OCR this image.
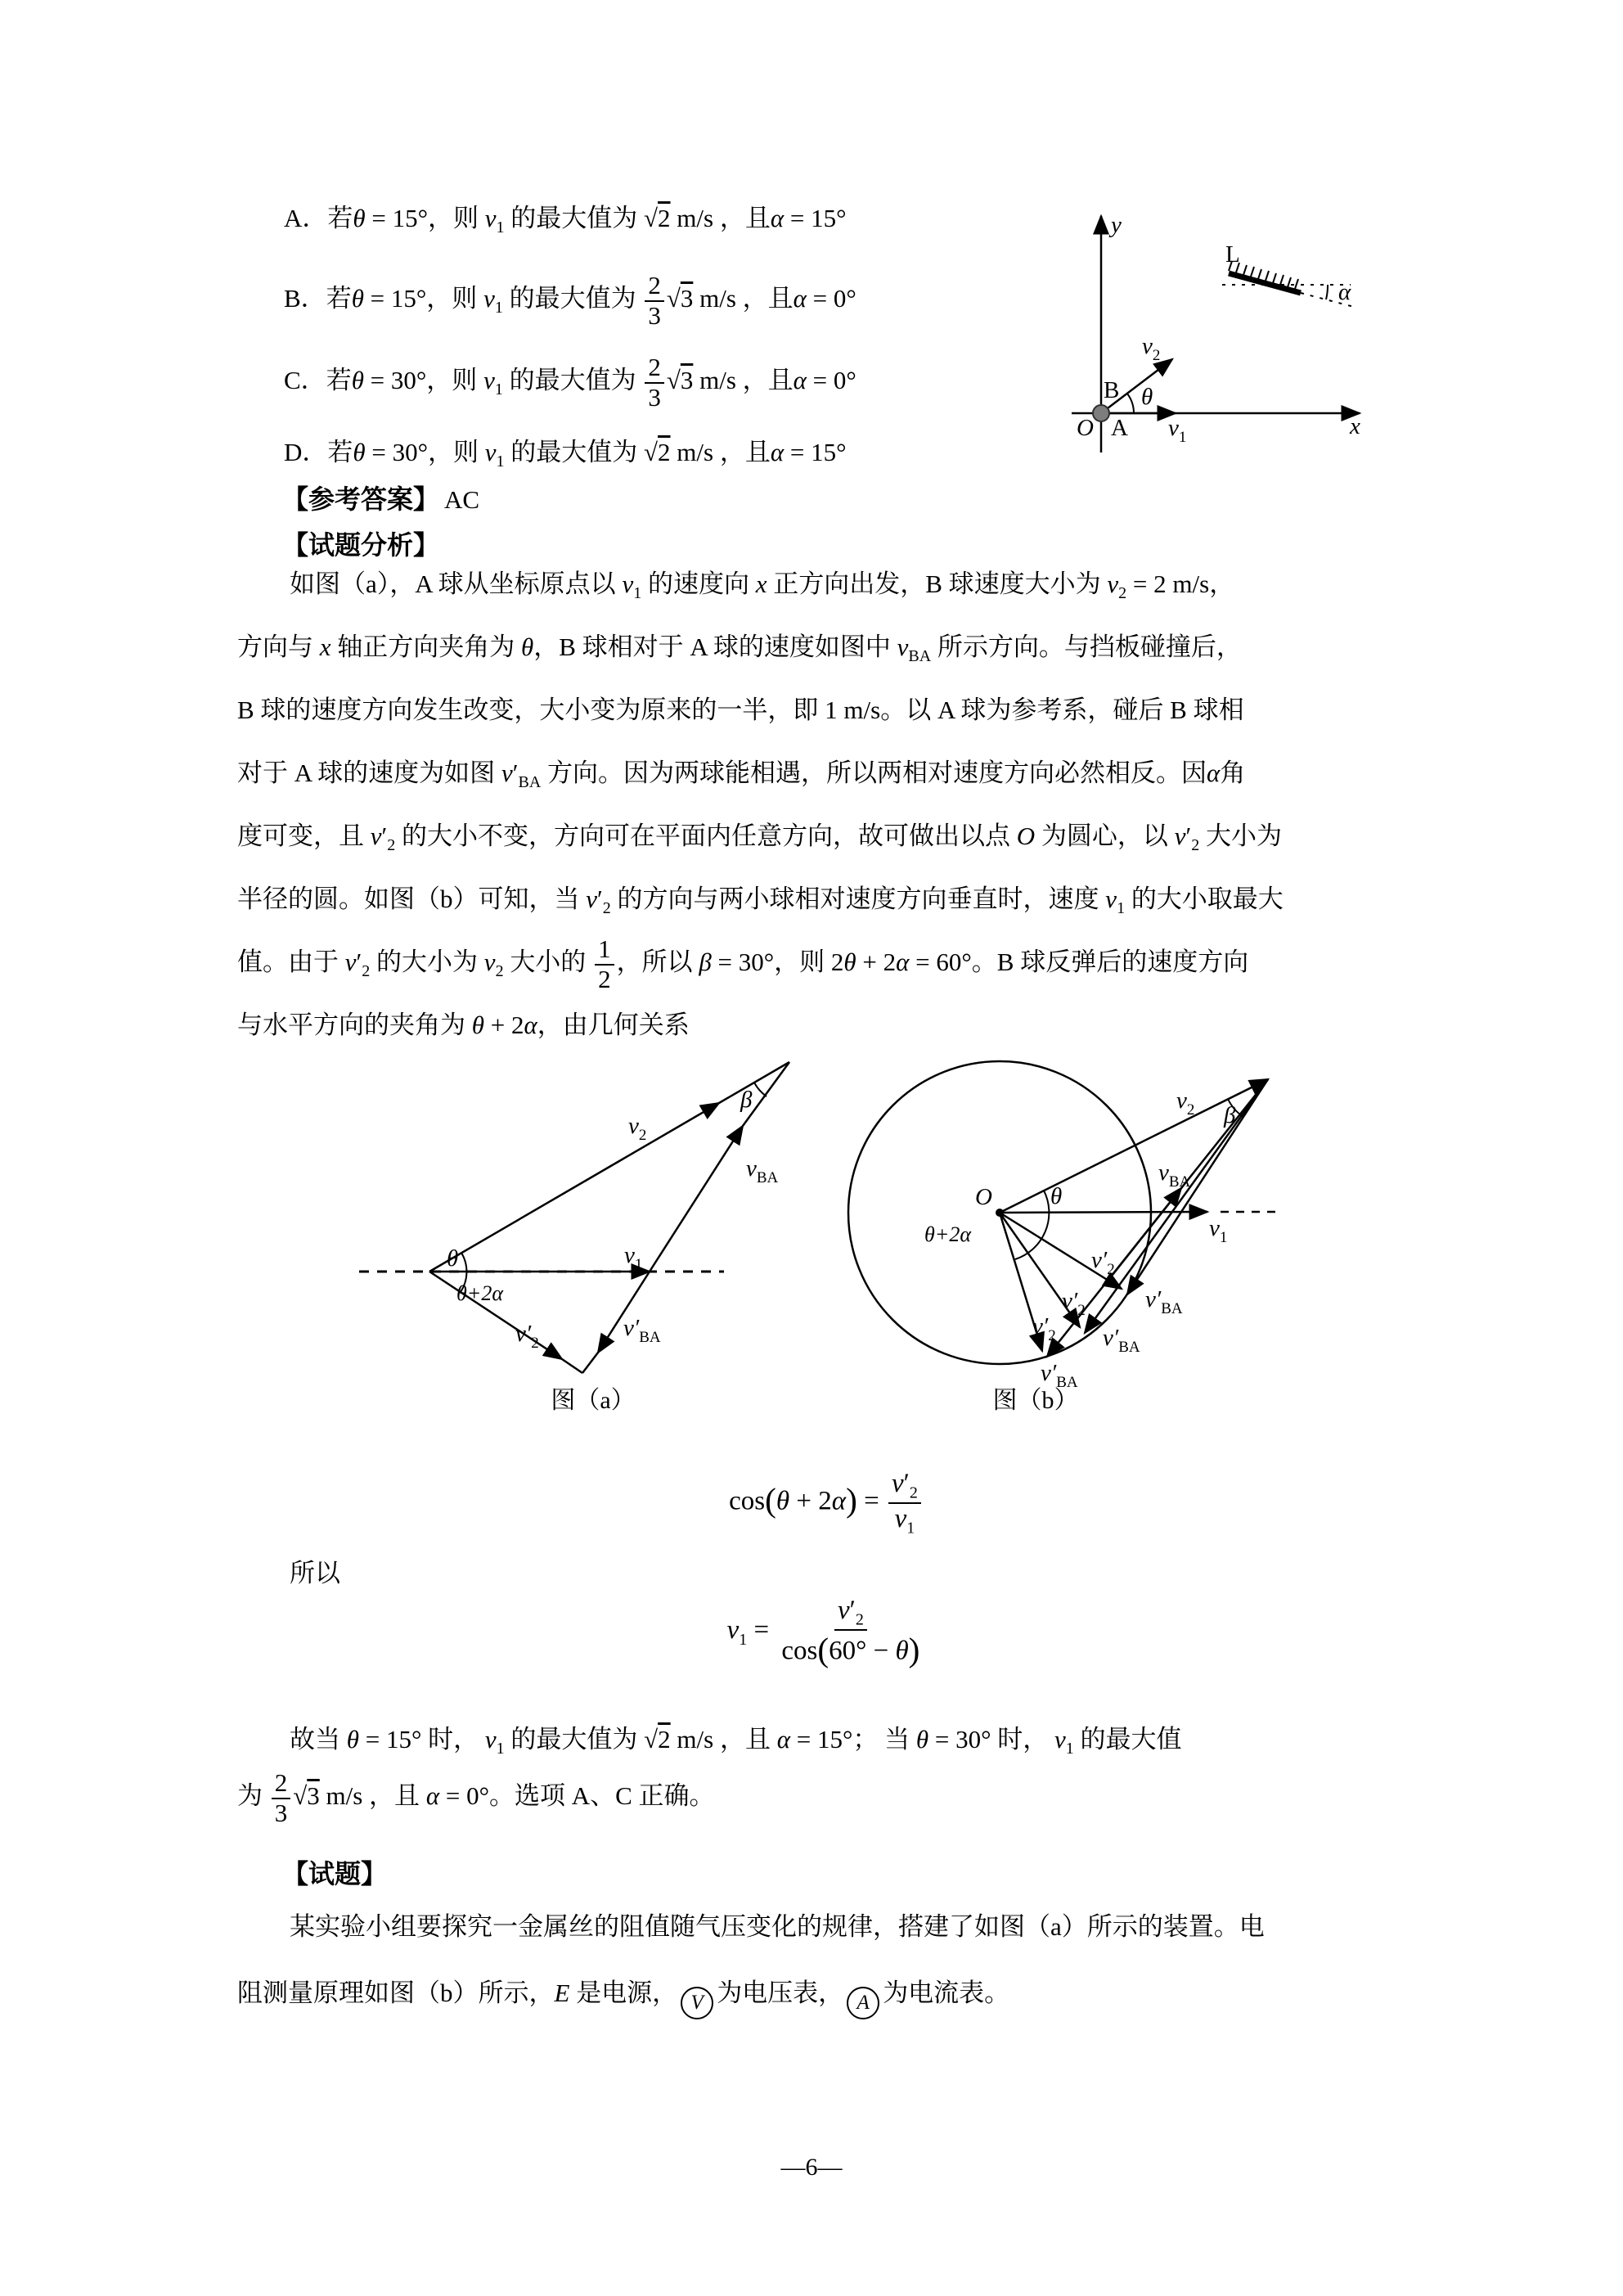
A．若θ = 15°，则 $v_1$ 的最大值为 √2 m/s ，且α = 15°
B．若θ = 15°，则 $v_1$ 的最大值为 $\frac{2}{3} √3$ m/s ，且α = 0°
C．若θ = 30°，则 $v_1$ 的最大值为 $\frac{2}{3} √3$ m/s ，且α = 0°
D．若θ = 30°，则 $v_1$ 的最大值为 √2 m/s ，且α = 15°
y
x
O A
B
L
v2
v1
θ
α
【参考答案】 AC
【试题分析】
如图（a），A 球从坐标原点以 $v_1$ 的速度向 x 正方向出发，B 球速度大小为 $v_2 = 2$ m/s，
方向与 x 轴正方向夹角为 θ，B 球相对于 A 球的速度如图中 $v_{BA}$ 所示方向。与挡板碰撞后，
B 球的速度方向发生改变，大小变为原来的一半，即 1 m/s。以 A 球为参考系，碰后 B 球相
对于 A 球的速度为如图 $v'_{BA}$ 方向。因为两球能相遇，所以两相对速度方向必然相反。因α角
度可变，且 $v'_2$ 的大小不变，方向可在平面内任意方向，故可做出以点 O 为圆心，以 $v'_2$ 大小为
半径的圆。如图（b）可知，当 $v'_2$ 的方向与两小球相对速度方向垂直时，速度 $v_1$ 的大小取最大
值。由于 $v'_2$ 的大小为 $v_2$ 大小的 $\frac{1}{2}$ ，所以 β = 30°，则 2θ + 2α = 60°。B 球反弹后的速度方向
与水平方向的夹角为 θ + 2α，由几何关系
v2
β
vBA
v1
θ
θ+2α
v′2
v′BA
O
θ+2α
θ
v2 β
vBA
v1
v′2
v′2
v′2
v′BA
v′BA
v′BA
图（a）	图（b）
$\cos(\theta + 2\alpha) = \frac{v'_2}{v_1}$
所以
$v_1 = \frac{v'_2}{\cos(60^\circ - \theta)}$
故当 θ = 15° 时， $v_1$ 的最大值为 √2 m/s ，且 α = 15°； 当 θ = 30° 时， $v_1$ 的最大值
为 $\frac{2}{3} √3$ m/s ，且 α = 0°。选项 A、C 正确。
【试题】
某实验小组要探究一金属丝的阻值随气压变化的规律，搭建了如图（a）所示的装置。电
阻测量原理如图（b）所示，E 是电源， V 为电压表， A 为电流表。
—6—
